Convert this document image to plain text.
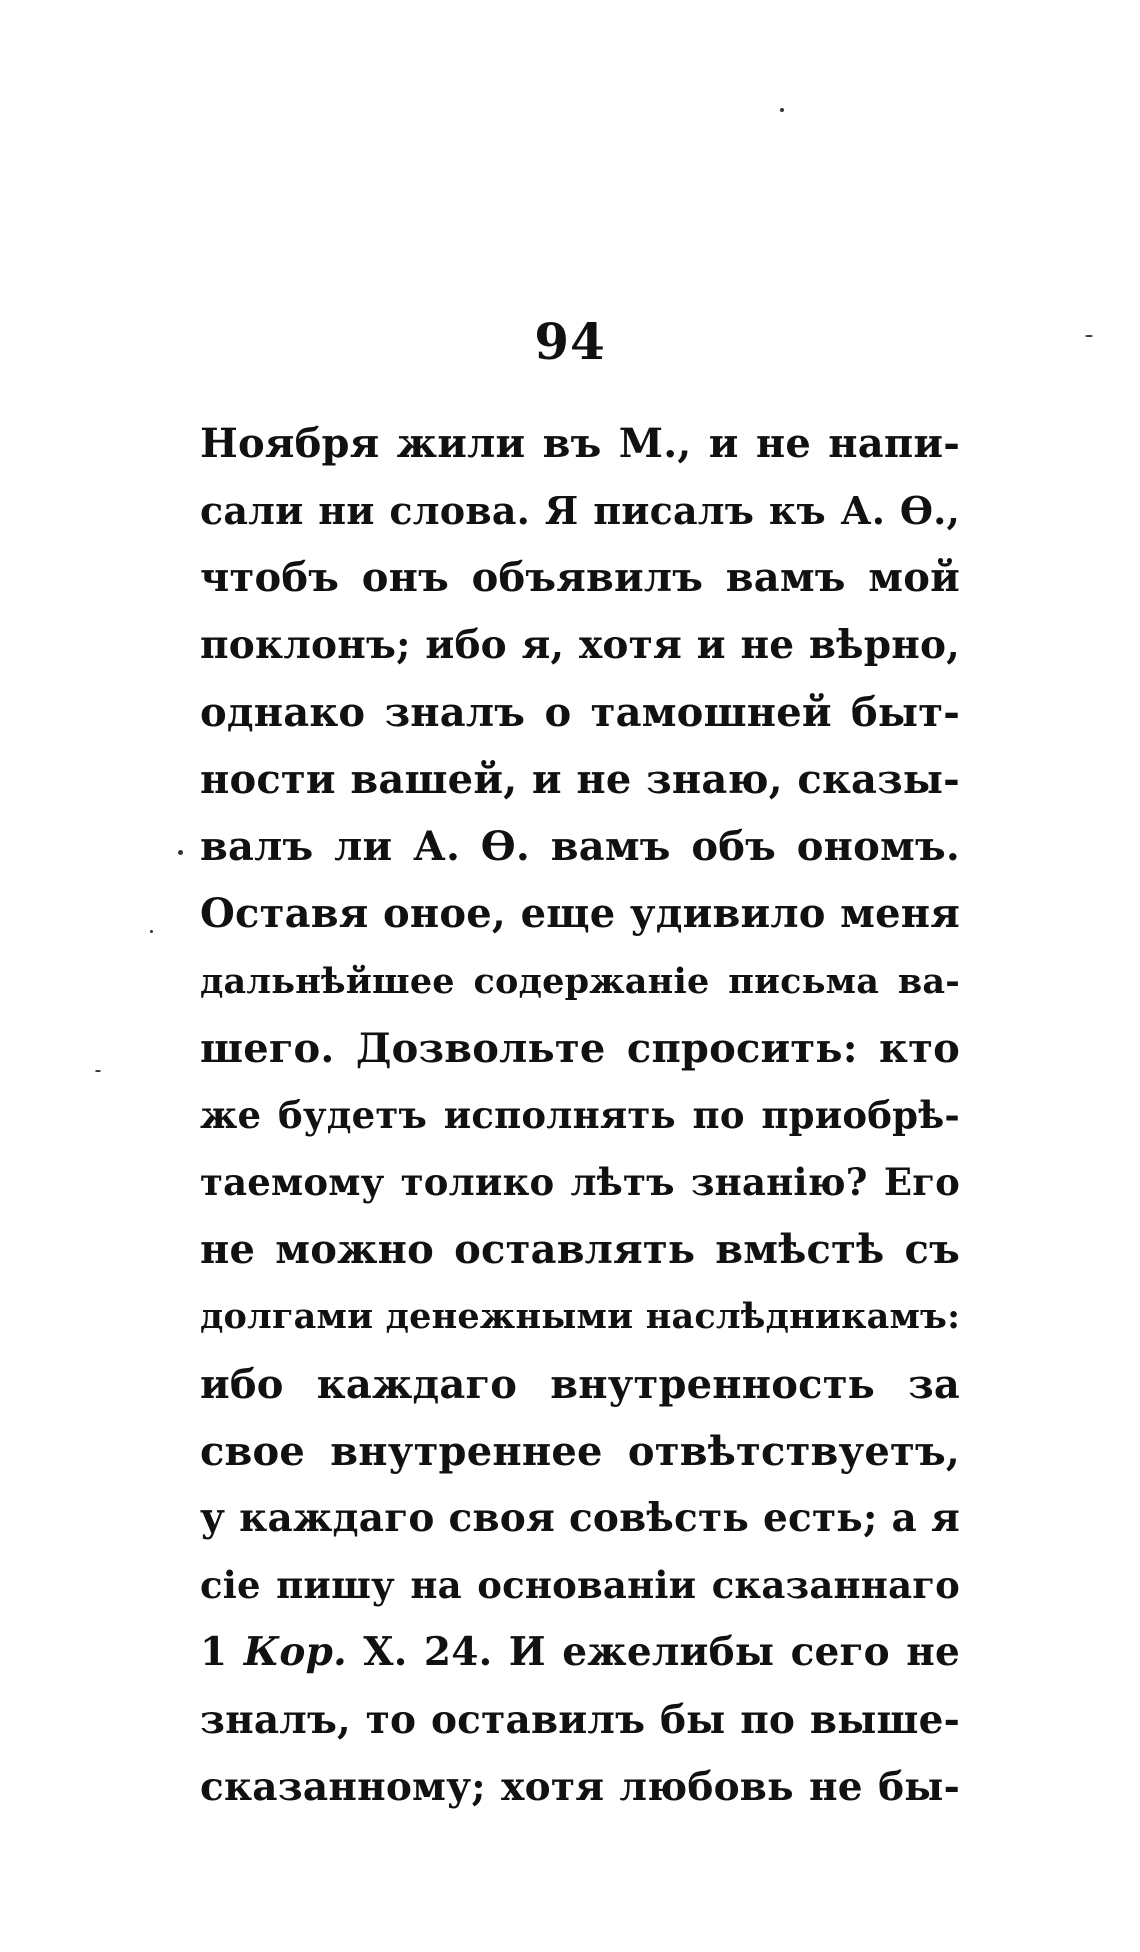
94
Ноября жили въ М., и не напи-
сали ни слова. Я писалъ къ А. Ѳ.,
чтобъ онъ объявилъ вамъ мой
поклонъ; ибо я, хотя и не вѣрно,
однако зналъ о тамошней быт-
ности вашей, и не знаю, сказы-
валъ ли А. Ѳ. вамъ объ ономъ.
Оставя оное, еще удивило меня
дальнѣйшее содержаніе письма ва-
шего. Дозвольте спросить: кто
же будетъ исполнять по приобрѣ-
таемому толико лѣтъ знанію? Его
не можно оставлять вмѣстѣ съ
долгами денежными наслѣдникамъ:
ибо каждаго внутренность за
свое внутреннее отвѣтствуетъ,
у каждаго своя совѣсть есть; а я
сіе пишу на основаніи сказаннаго
1 Кор. X. 24. И ежелибы сего не
зналъ, то оставилъ бы по выше-
сказанному; хотя любовь не бы-
